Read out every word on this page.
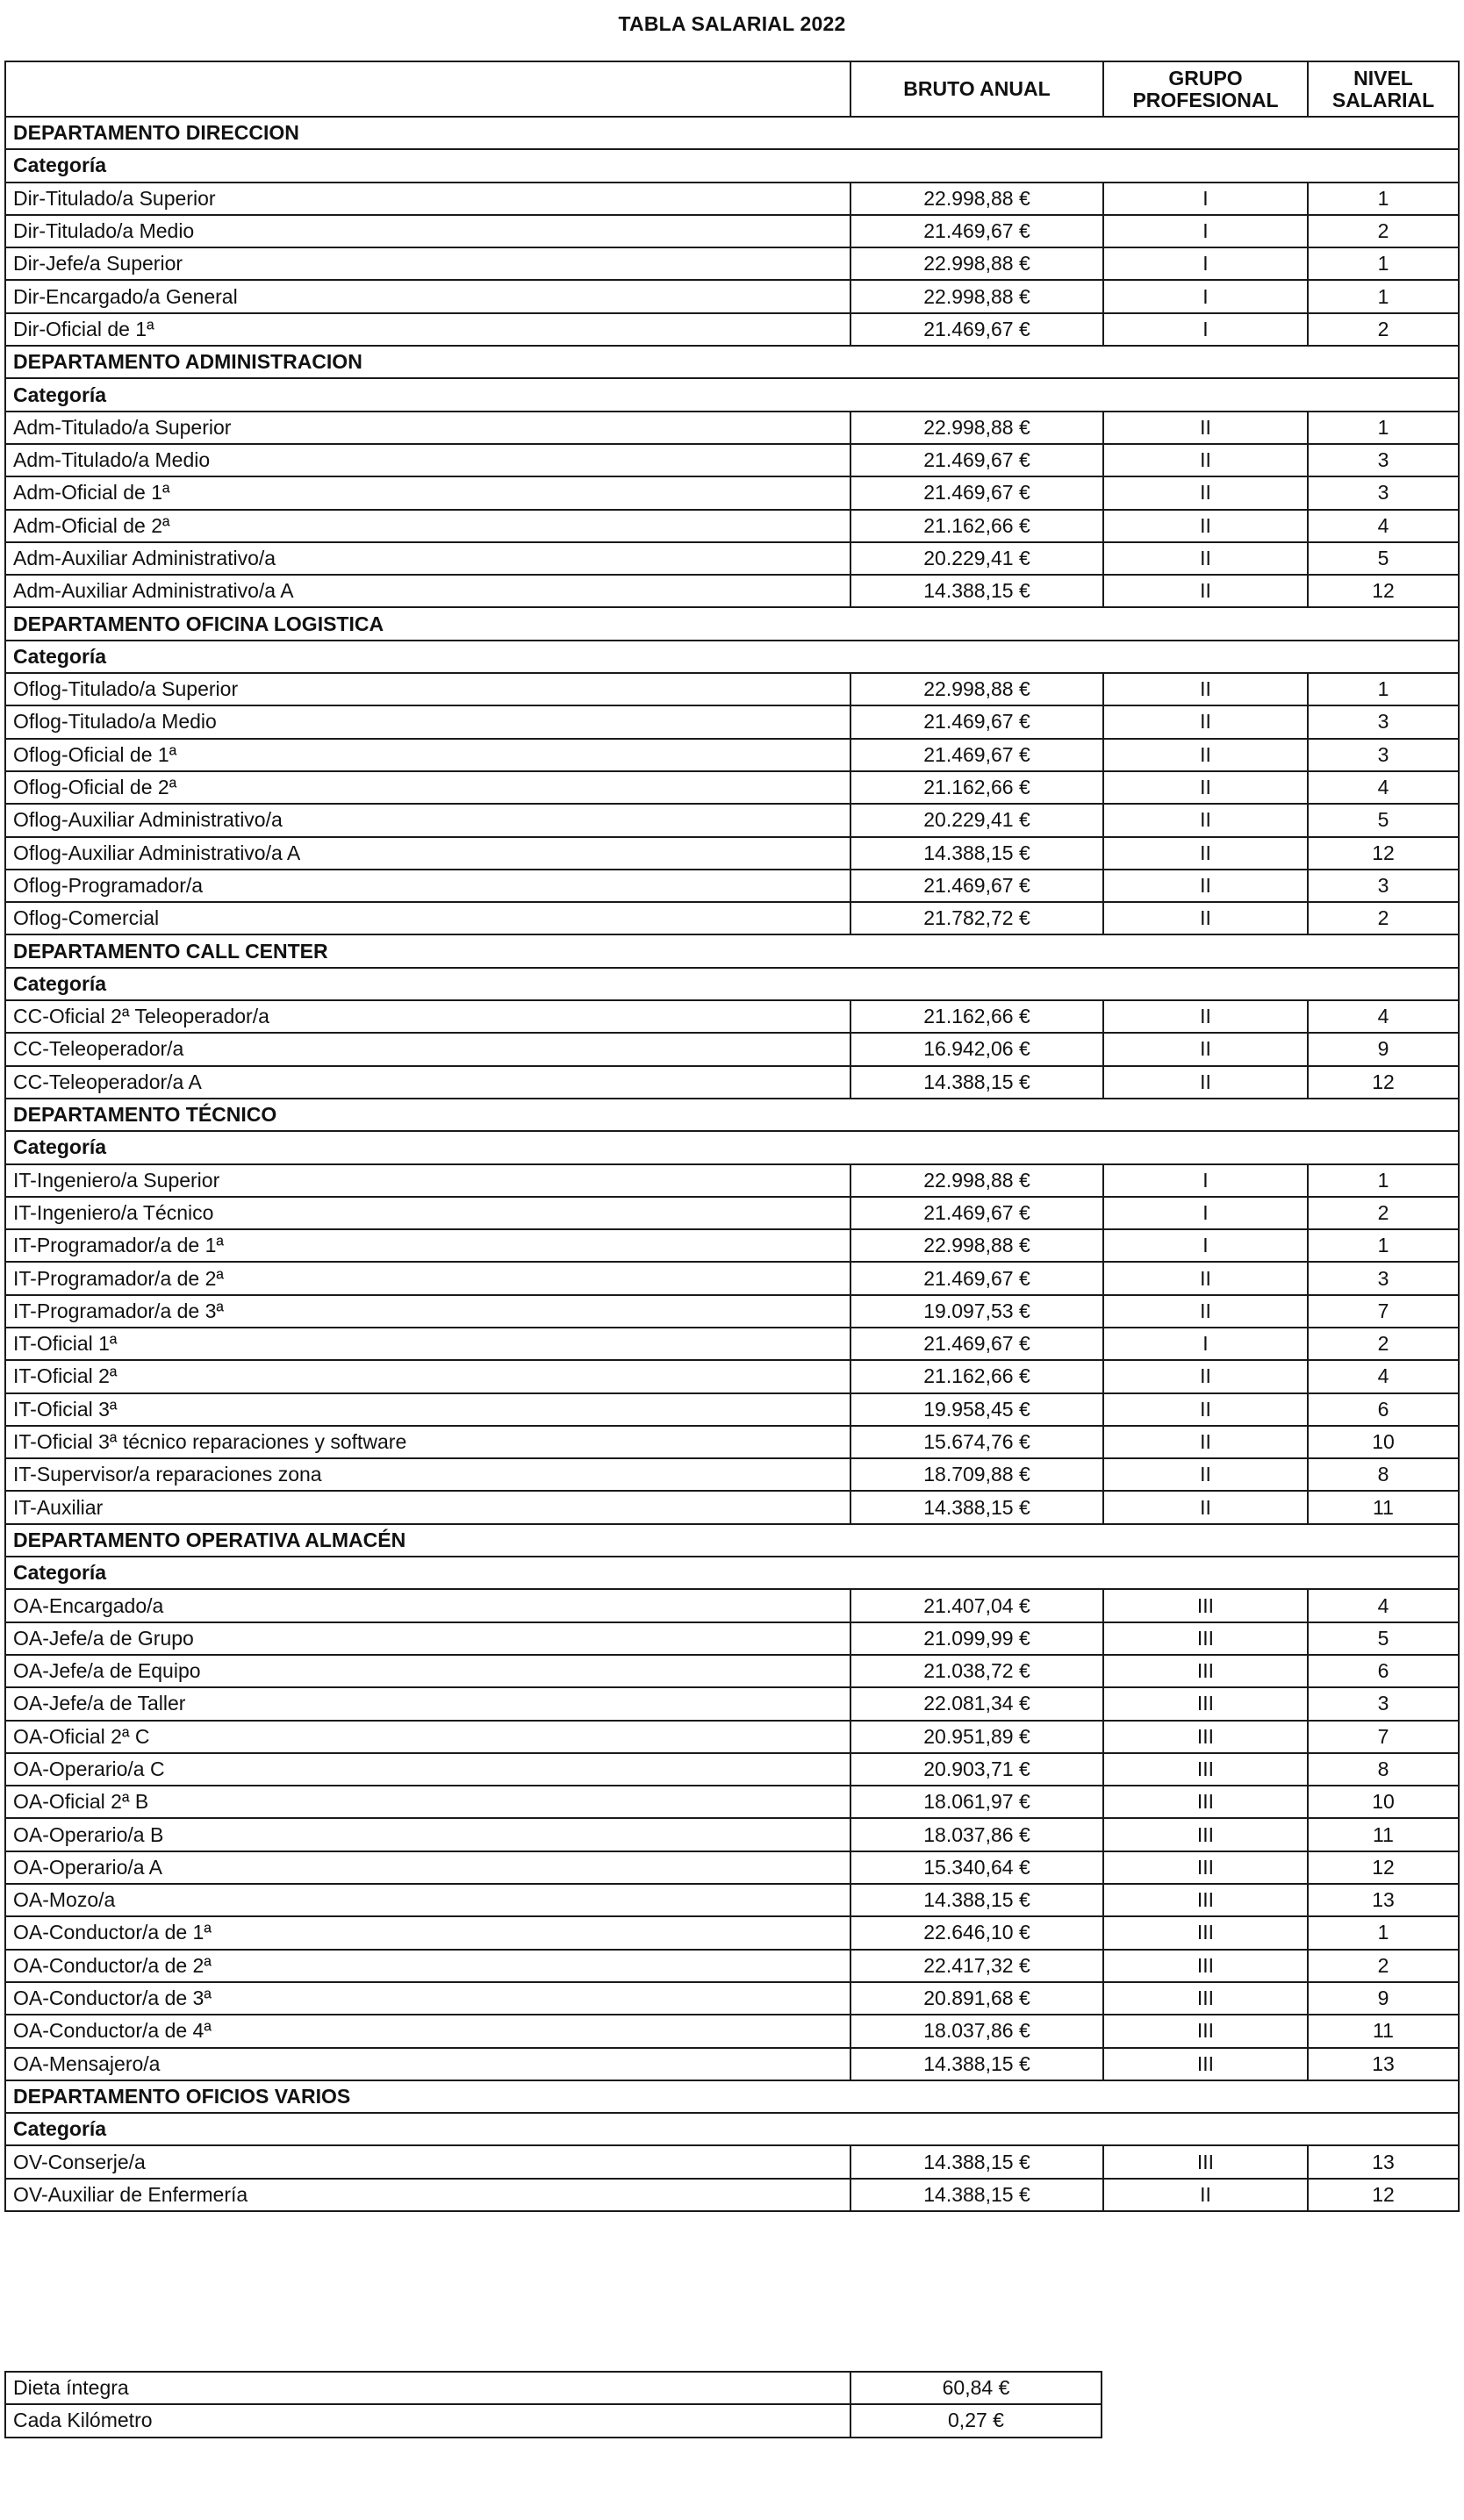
TABLA SALARIAL 2022
	BRUTO ANUAL	GRUPO PROFESIONAL	NIVEL SALARIAL
DEPARTAMENTO DIRECCION			
Categoría			
Dir-Titulado/a Superior	22.998,88 €	I	1
Dir-Titulado/a Medio	21.469,67 €	I	2
Dir-Jefe/a Superior	22.998,88 €	I	1
Dir-Encargado/a General	22.998,88 €	I	1
Dir-Oficial de 1ª	21.469,67 €	I	2
DEPARTAMENTO ADMINISTRACION			
Categoría			
Adm-Titulado/a Superior	22.998,88 €	II	1
Adm-Titulado/a Medio	21.469,67 €	II	3
Adm-Oficial de 1ª	21.469,67 €	II	3
Adm-Oficial de 2ª	21.162,66 €	II	4
Adm-Auxiliar Administrativo/a	20.229,41 €	II	5
Adm-Auxiliar Administrativo/a A	14.388,15 €	II	12
DEPARTAMENTO OFICINA LOGISTICA			
Categoría			
Oflog-Titulado/a Superior	22.998,88 €	II	1
Oflog-Titulado/a Medio	21.469,67 €	II	3
Oflog-Oficial de 1ª	21.469,67 €	II	3
Oflog-Oficial de 2ª	21.162,66 €	II	4
Oflog-Auxiliar Administrativo/a	20.229,41 €	II	5
Oflog-Auxiliar Administrativo/a A	14.388,15 €	II	12
Oflog-Programador/a	21.469,67 €	II	3
Oflog-Comercial	21.782,72 €	II	2
DEPARTAMENTO CALL CENTER			
Categoría			
CC-Oficial 2ª Teleoperador/a	21.162,66 €	II	4
CC-Teleoperador/a	16.942,06 €	II	9
CC-Teleoperador/a A	14.388,15 €	II	12
DEPARTAMENTO TÉCNICO			
Categoría			
IT-Ingeniero/a Superior	22.998,88 €	I	1
IT-Ingeniero/a Técnico	21.469,67 €	I	2
IT-Programador/a de 1ª	22.998,88 €	I	1
IT-Programador/a de 2ª	21.469,67 €	II	3
IT-Programador/a de 3ª	19.097,53 €	II	7
IT-Oficial 1ª	21.469,67 €	I	2
IT-Oficial 2ª	21.162,66 €	II	4
IT-Oficial 3ª	19.958,45 €	II	6
IT-Oficial 3ª técnico reparaciones y software	15.674,76 €	II	10
IT-Supervisor/a reparaciones zona	18.709,88 €	II	8
IT-Auxiliar	14.388,15 €	II	11
DEPARTAMENTO OPERATIVA ALMACÉN			
Categoría			
OA-Encargado/a	21.407,04 €	III	4
OA-Jefe/a de Grupo	21.099,99 €	III	5
OA-Jefe/a de Equipo	21.038,72 €	III	6
OA-Jefe/a de Taller	22.081,34 €	III	3
OA-Oficial 2ª C	20.951,89 €	III	7
OA-Operario/a C	20.903,71 €	III	8
OA-Oficial 2ª B	18.061,97 €	III	10
OA-Operario/a B	18.037,86 €	III	11
OA-Operario/a A	15.340,64 €	III	12
OA-Mozo/a	14.388,15 €	III	13
OA-Conductor/a de 1ª	22.646,10 €	III	1
OA-Conductor/a de 2ª	22.417,32 €	III	2
OA-Conductor/a de 3ª	20.891,68 €	III	9
OA-Conductor/a de 4ª	18.037,86 €	III	11
OA-Mensajero/a	14.388,15 €	III	13
DEPARTAMENTO OFICIOS VARIOS			
Categoría			
OV-Conserje/a	14.388,15 €	III	13
OV-Auxiliar de Enfermería	14.388,15 €	II	12
Dieta íntegra	60,84 €
Cada Kilómetro	0,27 €
